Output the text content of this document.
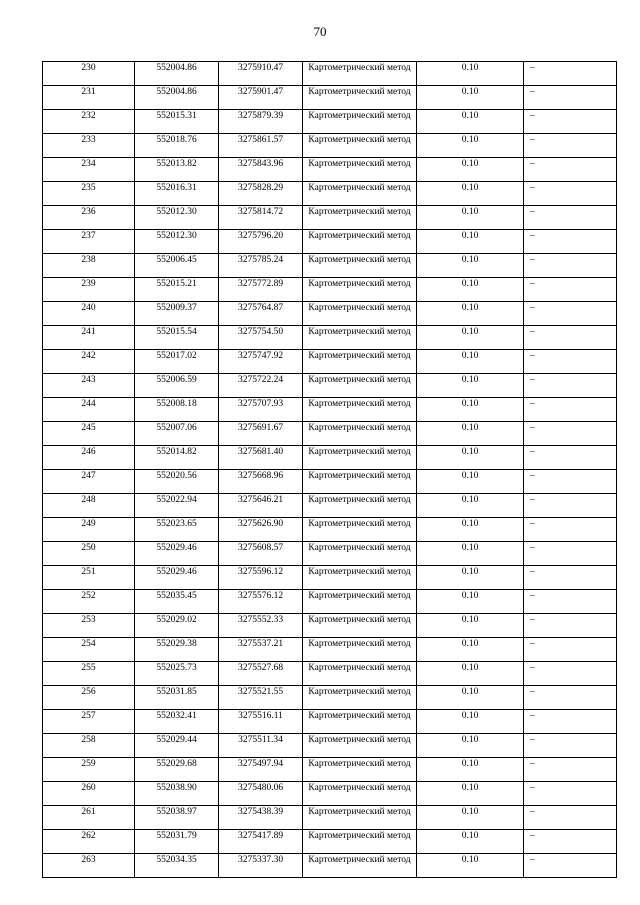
70
230	552004.86	3275910.47	Картометрический метод	0.10	–
231	552004.86	3275901.47	Картометрический метод	0.10	–
232	552015.31	3275879.39	Картометрический метод	0.10	–
233	552018.76	3275861.57	Картометрический метод	0.10	–
234	552013.82	3275843.96	Картометрический метод	0.10	–
235	552016.31	3275828.29	Картометрический метод	0.10	–
236	552012.30	3275814.72	Картометрический метод	0.10	–
237	552012.30	3275796.20	Картометрический метод	0.10	–
238	552006.45	3275785.24	Картометрический метод	0.10	–
239	552015.21	3275772.89	Картометрический метод	0.10	–
240	552009.37	3275764.87	Картометрический метод	0.10	–
241	552015.54	3275754.50	Картометрический метод	0.10	–
242	552017.02	3275747.92	Картометрический метод	0.10	–
243	552006.59	3275722.24	Картометрический метод	0.10	–
244	552008.18	3275707.93	Картометрический метод	0.10	–
245	552007.06	3275691.67	Картометрический метод	0.10	–
246	552014.82	3275681.40	Картометрический метод	0.10	–
247	552020.56	3275668.96	Картометрический метод	0.10	–
248	552022.94	3275646.21	Картометрический метод	0.10	–
249	552023.65	3275626.90	Картометрический метод	0.10	–
250	552029.46	3275608.57	Картометрический метод	0.10	–
251	552029.46	3275596.12	Картометрический метод	0.10	–
252	552035.45	3275576.12	Картометрический метод	0.10	–
253	552029.02	3275552.33	Картометрический метод	0.10	–
254	552029.38	3275537.21	Картометрический метод	0.10	–
255	552025.73	3275527.68	Картометрический метод	0.10	–
256	552031.85	3275521.55	Картометрический метод	0.10	–
257	552032.41	3275516.11	Картометрический метод	0.10	–
258	552029.44	3275511.34	Картометрический метод	0.10	–
259	552029.68	3275497.94	Картометрический метод	0.10	–
260	552038.90	3275480.06	Картометрический метод	0.10	–
261	552038.97	3275438.39	Картометрический метод	0.10	–
262	552031.79	3275417.89	Картометрический метод	0.10	–
263	552034.35	3275337.30	Картометрический метод	0.10	–
